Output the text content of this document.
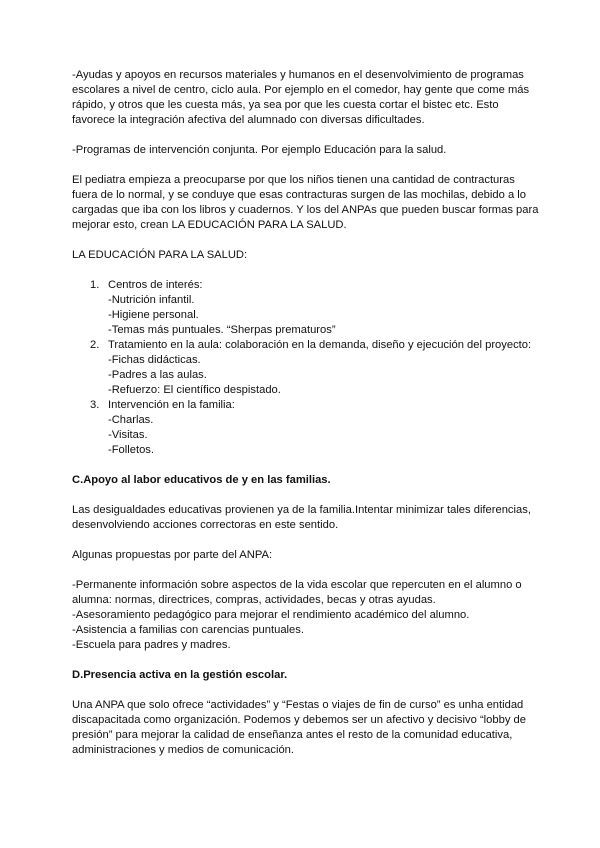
-Ayudas y apoyos en recursos materiales y humanos en el desenvolvimiento de programas escolares a nivel de centro, ciclo aula. Por ejemplo en el comedor, hay gente que come más rápido, y otros que les cuesta más, ya sea por que les cuesta cortar el bistec etc. Esto favorece la integración afectiva del alumnado con diversas dificultades.

-Programas de intervención conjunta. Por ejemplo Educación para la salud.

El pediatra empieza a preocuparse por que los niños tienen una cantidad de contracturas fuera de lo normal, y se conduye que esas contracturas surgen de las mochilas, debido a lo cargadas que iba con los libros y cuadernos. Y los del ANPAs que pueden buscar formas para mejorar esto, crean LA EDUCACIÓN PARA LA SALUD.

LA EDUCACIÓN PARA LA SALUD:

1. Centros de interés:
-Nutrición infantil.
-Higiene personal.
-Temas más puntuales. “Sherpas prematuros”
2. Tratamiento en la aula: colaboración en la demanda, diseño y ejecución del proyecto:
-Fichas didácticas.
-Padres a las aulas.
-Refuerzo: El científico despistado.
3. Intervención en la familia:
-Charlas.
-Visitas.
-Folletos.
C.Apoyo al labor educativos de y en las familias.

Las desigualdades educativas provienen ya de la familia.Intentar minimizar tales diferencias, desenvolviendo acciones correctoras en este sentido.

Algunas propuestas por parte del ANPA:

-Permanente información sobre aspectos de la vida escolar que repercuten en el alumno o alumna: normas, directrices, compras, actividades, becas y otras ayudas.

-Asesoramiento pedagógico para mejorar el rendimiento académico del alumno.

-Asistencia a familias con carencias puntuales.

-Escuela para padres y madres.

D.Presencia activa en la gestión escolar.

Una ANPA que solo ofrece “actividades” y “Festas o viajes de fin de curso” es unha entidad discapacitada como organización. Podemos y debemos ser un afectivo y decisivo “lobby de presión” para mejorar la calidad de enseñanza antes el resto de la comunidad educativa, administraciones y medios de comunicación.
